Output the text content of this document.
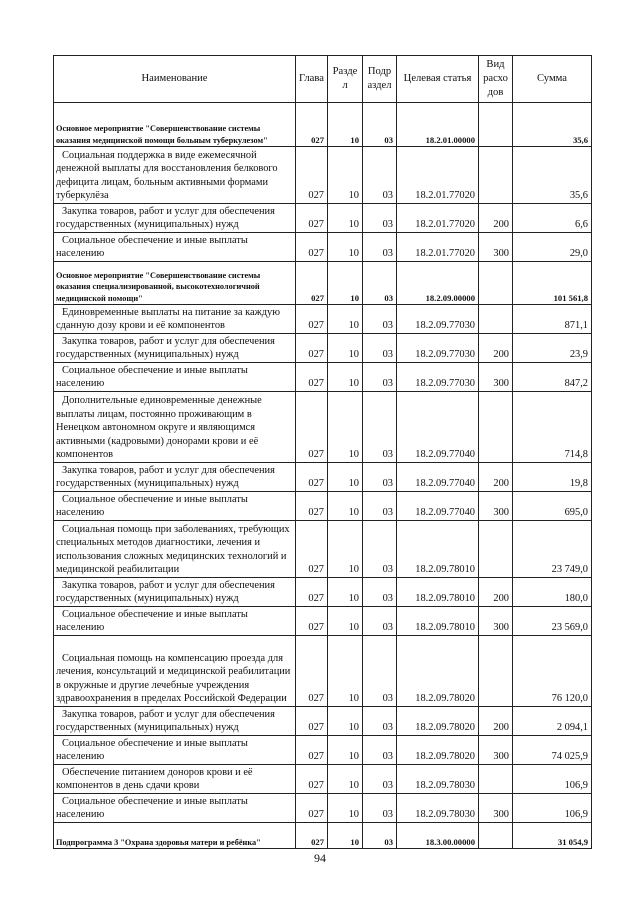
Наименование	Глава	Разде л	Подр аздел	Целевая статья	Вид расхо дов	Сумма
Основное мероприятие "Совершенствование системы оказания медицинской помощи больным туберкулезом"	027	10	03	18.2.01.00000		35,6
Социальная поддержка в виде ежемесячной денежной выплаты для восстановления белкового дефицита лицам, больным активными формами туберкулёза	027	10	03	18.2.01.77020		35,6
Закупка товаров, работ и услуг для обеспечения государственных (муниципальных) нужд	027	10	03	18.2.01.77020	200	6,6
Социальное обеспечение и иные выплаты населению	027	10	03	18.2.01.77020	300	29,0
Основное мероприятие "Совершенствование системы оказания специализированной, высокотехнологичной медицинской помощи"	027	10	03	18.2.09.00000		101 561,8
Единовременные выплаты на питание за каждую сданную дозу крови и её компонентов	027	10	03	18.2.09.77030		871,1
Закупка товаров, работ и услуг для обеспечения государственных (муниципальных) нужд	027	10	03	18.2.09.77030	200	23,9
Социальное обеспечение и иные выплаты населению	027	10	03	18.2.09.77030	300	847,2
Дополнительные единовременные денежные выплаты лицам, постоянно проживающим в Ненецком автономном округе и являющимся активными (кадровыми) донорами крови и её компонентов	027	10	03	18.2.09.77040		714,8
Закупка товаров, работ и услуг для обеспечения государственных (муниципальных) нужд	027	10	03	18.2.09.77040	200	19,8
Социальное обеспечение и иные выплаты населению	027	10	03	18.2.09.77040	300	695,0
Социальная помощь при заболеваниях, требующих специальных методов диагностики, лечения и использования сложных медицинских технологий и медицинской реабилитации	027	10	03	18.2.09.78010		23 749,0
Закупка товаров, работ и услуг для обеспечения государственных (муниципальных) нужд	027	10	03	18.2.09.78010	200	180,0
Социальное обеспечение и иные выплаты населению	027	10	03	18.2.09.78010	300	23 569,0
Социальная помощь на компенсацию проезда для лечения, консультаций и медицинской реабилитации в окружные и другие лечебные учреждения здравоохранения в пределах Российской Федерации	027	10	03	18.2.09.78020		76 120,0
Закупка товаров, работ и услуг для обеспечения государственных (муниципальных) нужд	027	10	03	18.2.09.78020	200	2 094,1
Социальное обеспечение и иные выплаты населению	027	10	03	18.2.09.78020	300	74 025,9
Обеспечение питанием доноров крови и её компонентов в день сдачи крови	027	10	03	18.2.09.78030		106,9
Социальное обеспечение и иные выплаты населению	027	10	03	18.2.09.78030	300	106,9
Подпрограмма 3 "Охрана здоровья матери и ребёнка"	027	10	03	18.3.00.00000		31 054,9
94
